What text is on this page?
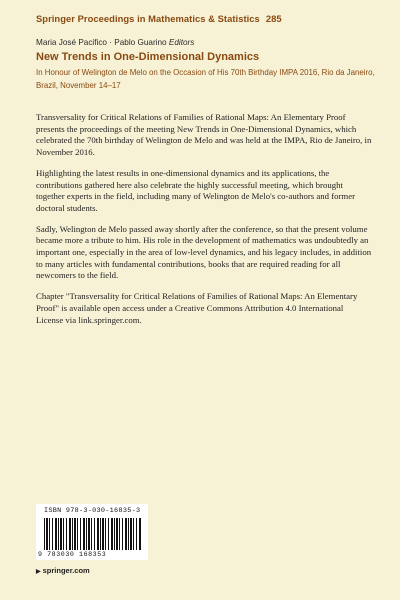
Springer Proceedings in Mathematics & Statistics 285
Maria José Pacifico · Pablo Guarino Editors
New Trends in One-Dimensional Dynamics
In Honour of Welington de Melo on the Occasion of His 70th Birthday IMPA 2016, Rio da Janeiro, Brazil, November 14–17

Transversality for Critical Relations of Families of Rational Maps: An Elementary Proof presents the proceedings of the meeting New Trends in One-Dimensional Dynamics, which celebrated the 70th birthday of Welington de Melo and was held at the IMPA, Rio de Janeiro, in November 2016.

Highlighting the latest results in one-dimensional dynamics and its applications, the contributions gathered here also celebrate the highly successful meeting, which brought together experts in the field, including many of Welington de Melo's co-authors and former doctoral students.

Sadly, Welington de Melo passed away shortly after the conference, so that the present volume became more a tribute to him. His role in the development of mathematics was undoubtedly an important one, especially in the area of low-level dynamics, and his legacy includes, in addition to many articles with fundamental contributions, books that are required reading for all newcomers to the field.

Chapter "Transversality for Critical Relations of Families of Rational Maps: An Elementary Proof" is available open access under a Creative Commons Attribution 4.0 International License via link.springer.com.

ISBN 978-3-030-16835-3
9 783030 168353
▶ springer.com
